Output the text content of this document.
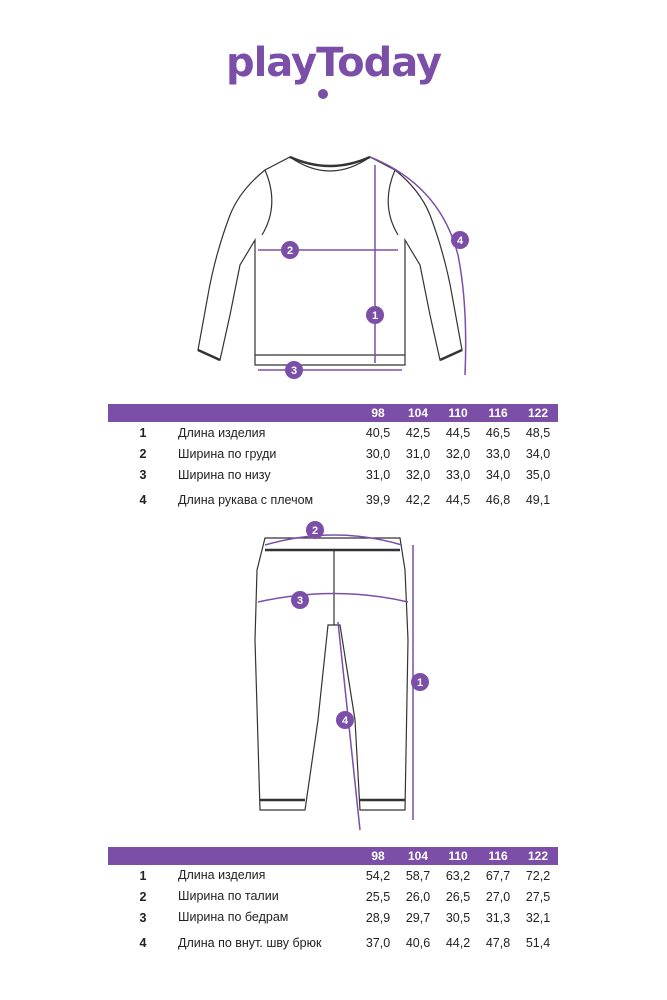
playToday
1
2
3
4
		98	104	110	116	122
1	Длина изделия	40,5	42,5	44,5	46,5	48,5
2	Ширина по груди	30,0	31,0	32,0	33,0	34,0
3	Ширина по низу	31,0	32,0	33,0	34,0	35,0
4	Длина рукава с плечом	39,9	42,2	44,5	46,8	49,1
1
2
3
4
		98	104	110	116	122
1	Длина изделия	54,2	58,7	63,2	67,7	72,2
2	Ширина по талии	25,5	26,0	26,5	27,0	27,5
3	Ширина по бедрам	28,9	29,7	30,5	31,3	32,1
4	Длина по внут. шву брюк	37,0	40,6	44,2	47,8	51,4
